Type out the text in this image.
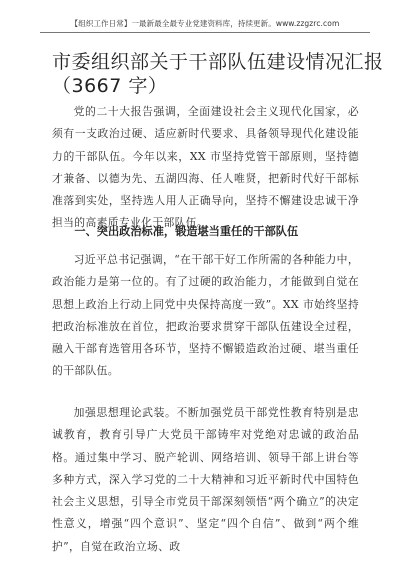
【组织工作日常】一最新最全最专业党建资料库，持续更新。www.zzgzrc.com
市委组织部关于干部队伍建设情况汇报
（3667 字）

党的二十大报告强调，全面建设社会主义现代化国家，必须有一支政治过硬、适应新时代要求、具备领导现代化建设能力的干部队伍。今年以来，XX 市坚持党管干部原则，坚持德才兼备、以德为先、五湖四海、任人唯贤，把新时代好干部标准落到实处，坚持选人用人正确导向，坚持不懈建设忠诚干净担当的高素质专业化干部队伍。

一、突出政治标准，锻造堪当重任的干部队伍

习近平总书记强调，“在干部干好工作所需的各种能力中，政治能力是第一位的。有了过硬的政治能力，才能做到自觉在思想上政治上行动上同党中央保持高度一致”。XX 市始终坚持把政治标准放在首位，把政治要求贯穿干部队伍建设全过程，融入干部育选管用各环节，坚持不懈锻造政治过硬、堪当重任的干部队伍。

加强思想理论武装。不断加强党员干部党性教育特别是忠诚教育，教育引导广大党员干部铸牢对党绝对忠诚的政治品格。通过集中学习、脱产轮训、网络培训、领导干部上讲台等多种方式，深入学习党的二十大精神和习近平新时代中国特色社会主义思想，引导全市党员干部深刻领悟“两个确立”的决定性意义，增强“四个意识”、坚定“四个自信”、做到“两个维护”，自觉在政治立场、政
